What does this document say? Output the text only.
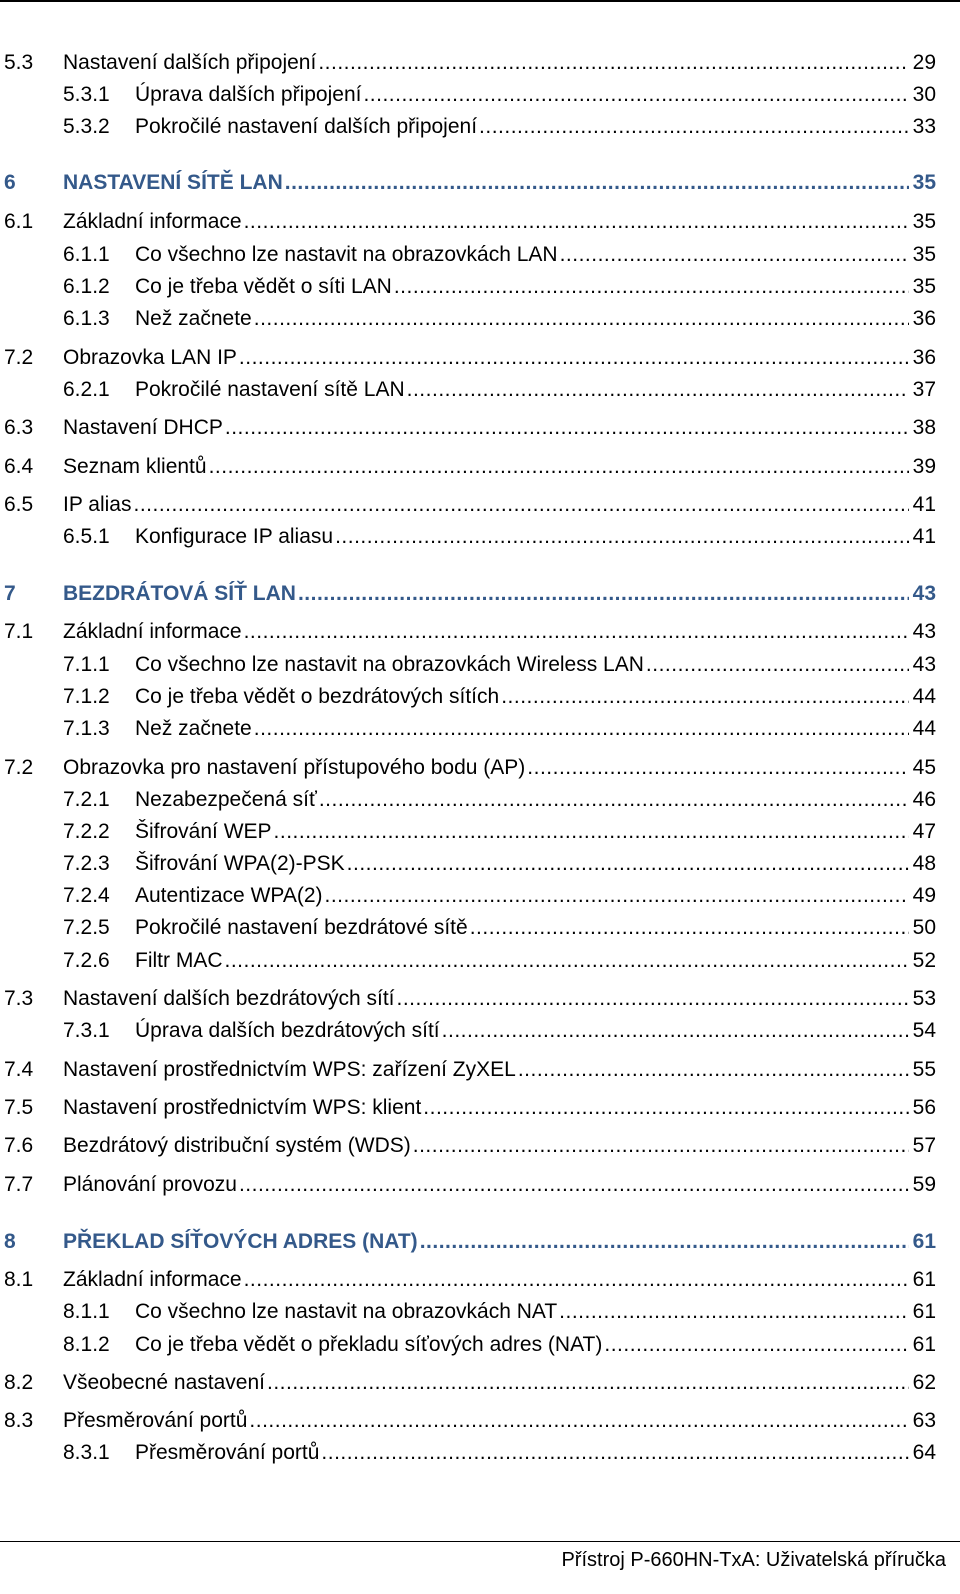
5.3 Nastavení dalších připojení .....	29
5.3.1 Úprava dalších připojení .....	30
5.3.2 Pokročilé nastavení dalších připojení .....	33
6 NASTAVENÍ SÍTĚ LAN .....	35
6.1 Základní informace .....	35
6.1.1 Co všechno lze nastavit na obrazovkách LAN .....	35
6.1.2 Co je třeba vědět o síti LAN .....	35
6.1.3 Než začnete .....	36
7.2 Obrazovka LAN IP .....	36
6.2.1 Pokročilé nastavení sítě LAN .....	37
6.3 Nastavení DHCP .....	38
6.4 Seznam klientů .....	39
6.5 IP alias .....	41
6.5.1 Konfigurace IP aliasu .....	41
7 BEZDRÁTOVÁ SÍŤ LAN .....	43
7.1 Základní informace .....	43
7.1.1 Co všechno lze nastavit na obrazovkách Wireless LAN .....	43
7.1.2 Co je třeba vědět o bezdrátových sítích .....	44
7.1.3 Než začnete .....	44
7.2 Obrazovka pro nastavení přístupového bodu (AP) .....	45
7.2.1 Nezabezpečená síť .....	46
7.2.2 Šifrování WEP .....	47
7.2.3 Šifrování WPA(2)-PSK .....	48
7.2.4 Autentizace WPA(2) .....	49
7.2.5 Pokročilé nastavení bezdrátové sítě .....	50
7.2.6 Filtr MAC .....	52
7.3 Nastavení dalších bezdrátových sítí .....	53
7.3.1 Úprava dalších bezdrátových sítí .....	54
7.4 Nastavení prostřednictvím WPS: zařízení ZyXEL .....	55
7.5 Nastavení prostřednictvím WPS: klient .....	56
7.6 Bezdrátový distribuční systém (WDS) .....	57
7.7 Plánování provozu .....	59
8 PŘEKLAD SÍŤOVÝCH ADRES (NAT) .....	61
8.1 Základní informace .....	61
8.1.1 Co všechno lze nastavit na obrazovkách NAT .....	61
8.1.2 Co je třeba vědět o překladu síťových adres (NAT) .....	61
8.2 Všeobecné nastavení .....	62
8.3 Přesměrování portů .....	63
8.3.1 Přesměrování portů .....	64
Přístroj P-660HN-TxA: Uživatelská příručka
